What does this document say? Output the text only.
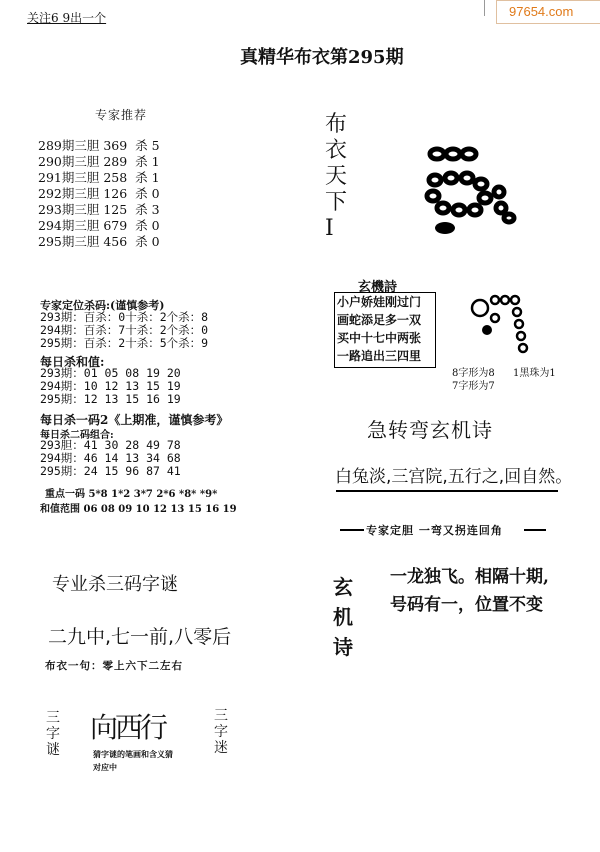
关注6 9出一个	97654.com
真精华布衣第295期
专家推荐
289期三胆 369  杀 5
290期三胆 289  杀 1
291期三胆 258  杀 1
292期三胆 126  杀 0
293期三胆 125  杀 3
294期三胆 679  杀 0
295期三胆 456  杀 0
专家定位杀码:(谨慎参考)
293期：百杀：0十杀：2个杀：8
294期：百杀：7十杀：2个杀：0
295期：百杀：2十杀：5个杀：9
每日杀和值:
293期：01 05 08 19 20
294期：10 12 13 15 19
295期：12 13 15 16 19
每日杀一码2《上期准，谨慎参考》
每日杀二码组合:
293胆：41 30 28 49 78
294期：46 14 13 34 68
295期：24 15 96 87 41
重点一码 5*8 1*2 3*7 2*6 *8* *9*
和值范围 06 08 09 10 12 13 15 16 19
专业杀三码字谜
二九中,七一前,八零后
布衣一句：零上六下二左右
三字谜
向西行
猜字谜的笔画和含义猜
对应中
三字迷
布衣天下I
玄機詩
小户娇娃刚过门
画蛇添足多一双
买中十七中两张
一路追出三四里
8字形为8 1黑珠为1
7字形为7
急转弯玄机诗
白兔淡,三宫院,五行之,回自然。
专家定胆 一弯又拐连回角
玄机诗
一龙独飞。相隔十期,
号码有一，位置不变
